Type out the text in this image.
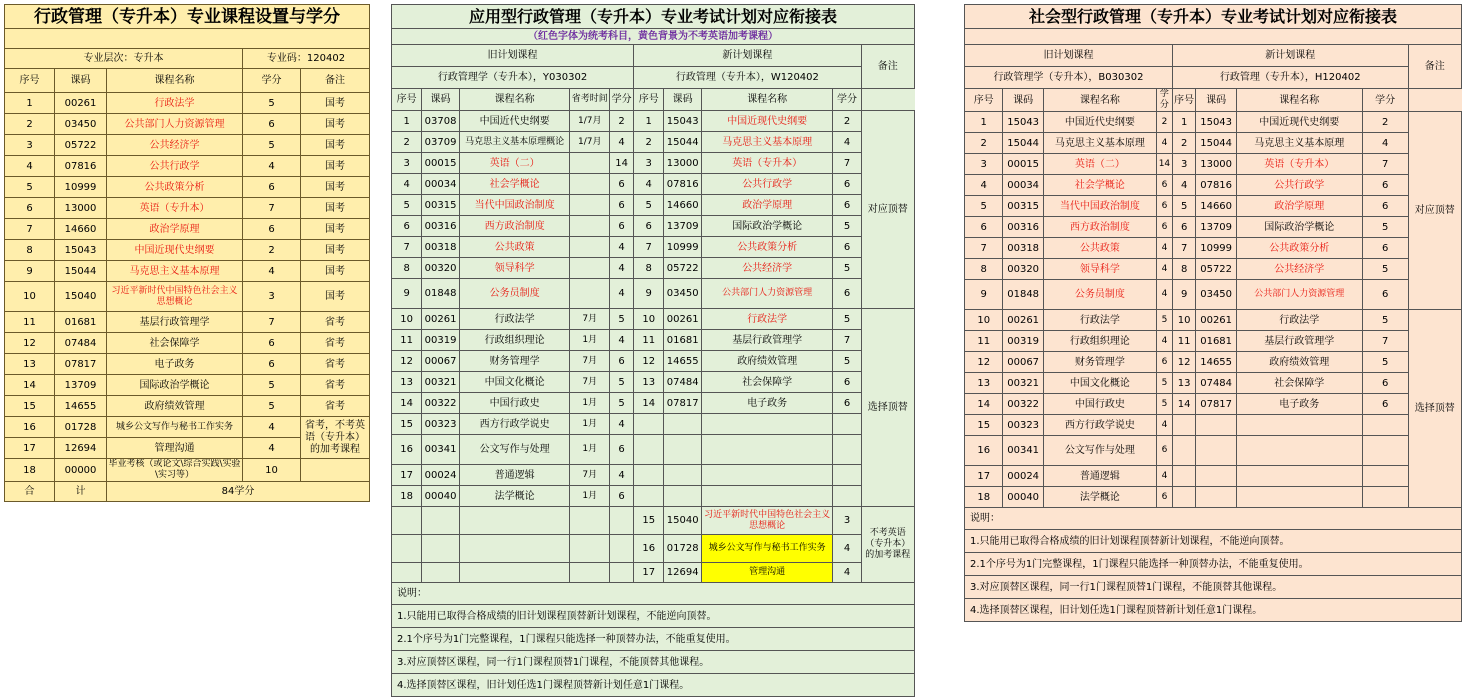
行政管理（专升本）专业课程设置与学分				

专业层次：专升本			专业码：120402	
序号	课码	课程名称	学分	备注
1	00261	行政法学	5	国考
2	03450	公共部门人力资源管理	6	国考
3	05722	公共经济学	5	国考
4	07816	公共行政学	4	国考
5	10999	公共政策分析	6	国考
6	13000	英语（专升本）	7	国考
7	14660	政治学原理	6	国考
8	15043	中国近现代史纲要	2	国考
9	15044	马克思主义基本原理	4	国考
10	15040	习近平新时代中国特色社会主义思想概论	3	国考
11	01681	基层行政管理学	7	省考
12	07484	社会保障学	6	省考
13	07817	电子政务	6	省考
14	13709	国际政治学概论	5	省考
15	14655	政府绩效管理	5	省考
16	01728	城乡公文写作与秘书工作实务	4	省考，不考英语（专升本）的加考课程
17	12694	管理沟通	4	
18	00000	毕业考核（或论文\综合实践\实验\实习等）	10	
合	计	84学分		
应用型行政管理（专升本）专业考试计划对应衔接表									
（红色字体为统考科目，黄色背景为不考英语加考课程）									
旧计划课程					新计划课程				备注
行政管理学（专升本），Y030302					行政管理（专升本），W120402				
序号	课码	课程名称	省考时间	学分	序号	课码	课程名称	学分	
1	03708	中国近代史纲要	1/7月	2	1	15043	中国近现代史纲要	2	对应顶替
2	03709	马克思主义基本原理概论	1/7月	4	2	15044	马克思主义基本原理	4	
3	00015	英语（二）		14	3	13000	英语（专升本）	7	
4	00034	社会学概论		6	4	07816	公共行政学	6	
5	00315	当代中国政治制度		6	5	14660	政治学原理	6	
6	00316	西方政治制度		6	6	13709	国际政治学概论	5	
7	00318	公共政策		4	7	10999	公共政策分析	6	
8	00320	领导科学		4	8	05722	公共经济学	5	
9	01848	公务员制度		4	9	03450	公共部门人力资源管理	6	
10	00261	行政法学	7月	5	10	00261	行政法学	5	选择顶替
11	00319	行政组织理论	1月	4	11	01681	基层行政管理学	7	
12	00067	财务管理学	7月	6	12	14655	政府绩效管理	5	
13	00321	中国文化概论	7月	5	13	07484	社会保障学	6	
14	00322	中国行政史	1月	5	14	07817	电子政务	6	
15	00323	西方行政学说史	1月	4					
16	00341	公文写作与处理	1月	6					
17	00024	普通逻辑	7月	4					
18	00040	法学概论	1月	6					
					15	15040	习近平新时代中国特色社会主义思想概论	3	不考英语（专升本）的加考课程
					16	01728	城乡公文写作与秘书工作实务	4	
					17	12694	管理沟通	4	
说明：									
1.只能用已取得合格成绩的旧计划课程顶替新计划课程，不能逆向顶替。									
2.1个序号为1门完整课程，1门课程只能选择一种顶替办法，不能重复使用。									
3.对应顶替区课程，同一行1门课程顶替1门课程，不能顶替其他课程。									
4.选择顶替区课程，旧计划任选1门课程顶替新计划任意1门课程。									
社会型行政管理（专升本）专业考试计划对应衔接表								

旧计划课程				新计划课程				备注
行政管理学（专升本），B030302				行政管理（专升本），H120402				
序号	课码	课程名称	学分	序号	课码	课程名称	学分	
1	15043	中国近代史纲要	2	1	15043	中国近现代史纲要	2	对应顶替
2	15044	马克思主义基本原理	4	2	15044	马克思主义基本原理	4	
3	00015	英语（二）	14	3	13000	英语（专升本）	7	
4	00034	社会学概论	6	4	07816	公共行政学	6	
5	00315	当代中国政治制度	6	5	14660	政治学原理	6	
6	00316	西方政治制度	6	6	13709	国际政治学概论	5	
7	00318	公共政策	4	7	10999	公共政策分析	6	
8	00320	领导科学	4	8	05722	公共经济学	5	
9	01848	公务员制度	4	9	03450	公共部门人力资源管理	6	
10	00261	行政法学	5	10	00261	行政法学	5	选择顶替
11	00319	行政组织理论	4	11	01681	基层行政管理学	7	
12	00067	财务管理学	6	12	14655	政府绩效管理	5	
13	00321	中国文化概论	5	13	07484	社会保障学	6	
14	00322	中国行政史	5	14	07817	电子政务	6	
15	00323	西方行政学说史	4					
16	00341	公文写作与处理	6					
17	00024	普通逻辑	4					
18	00040	法学概论	6					
说明：								
1.只能用已取得合格成绩的旧计划课程顶替新计划课程，不能逆向顶替。								
2.1个序号为1门完整课程，1门课程只能选择一种顶替办法，不能重复使用。								
3.对应顶替区课程，同一行1门课程顶替1门课程，不能顶替其他课程。								
4.选择顶替区课程，旧计划任选1门课程顶替新计划任意1门课程。								
